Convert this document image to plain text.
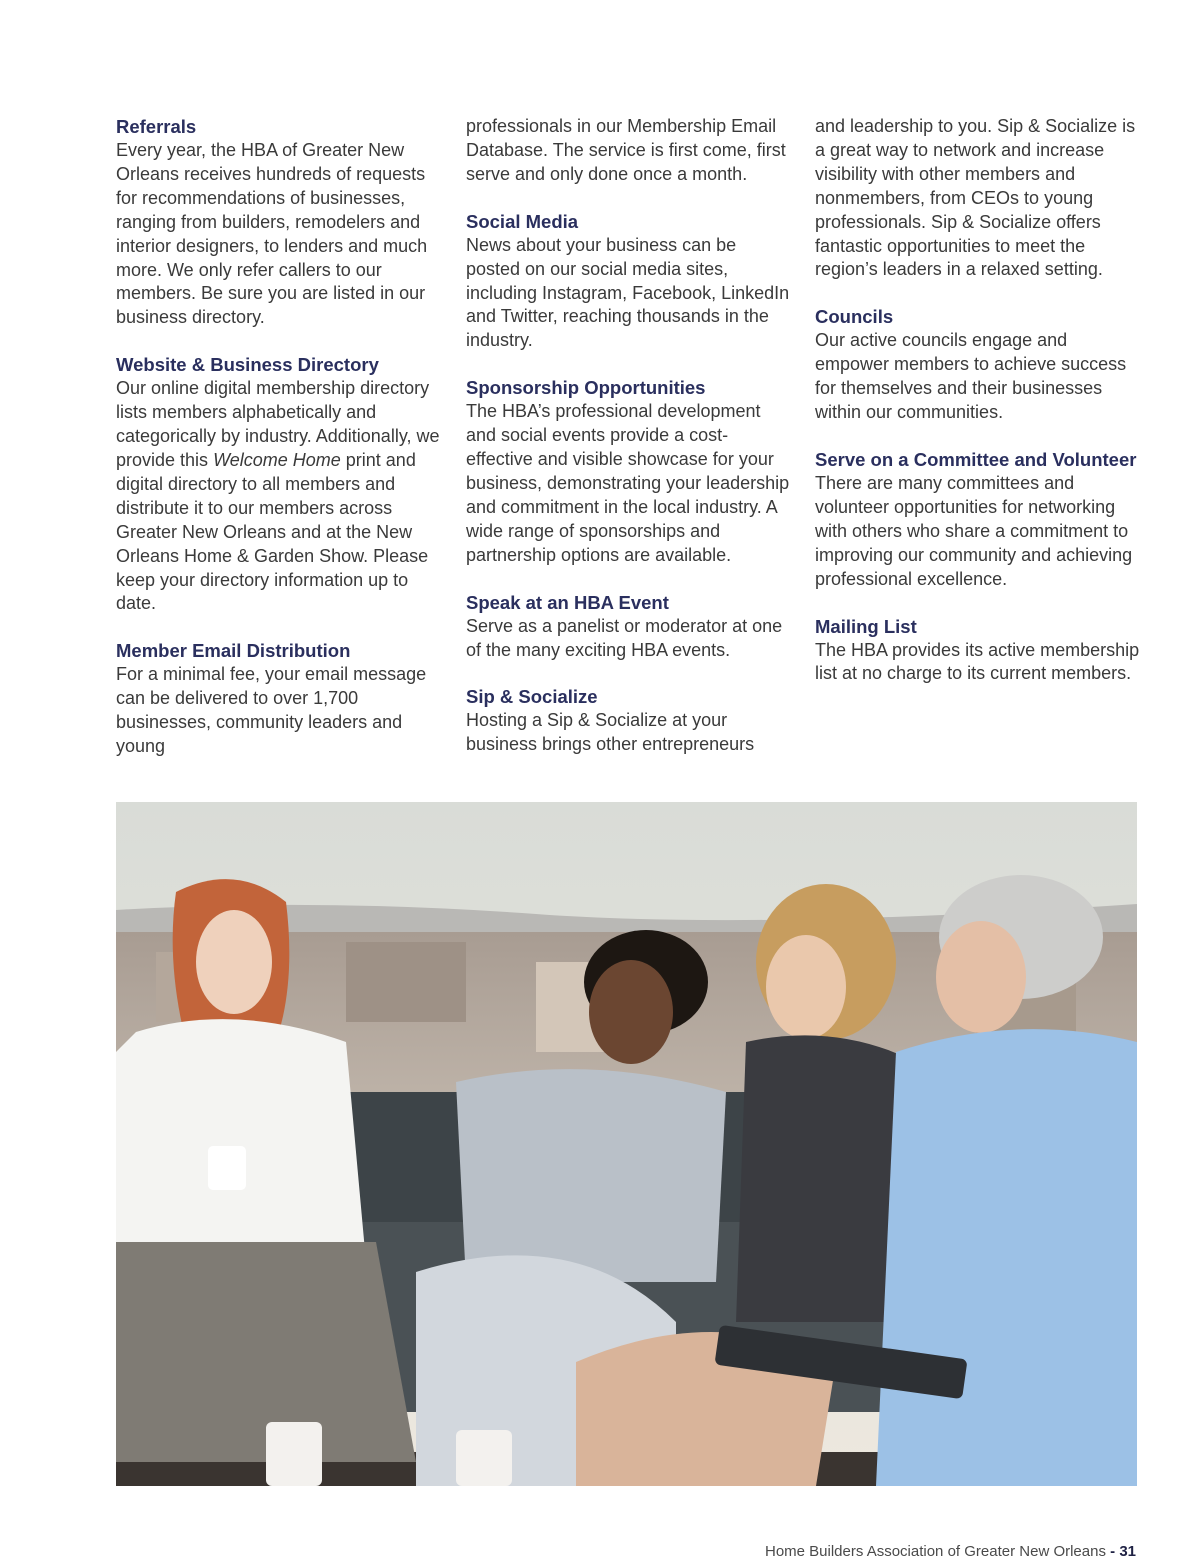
Referrals

Every year, the HBA of Greater New Orleans receives hundreds of requests for recommendations of businesses, ranging from builders, remodelers and interior designers, to lenders and much more. We only refer callers to our members. Be sure you are listed in our business directory.

Website & Business Directory

Our online digital membership directory lists members alphabetically and categorically by industry. Additionally, we provide this Welcome Home print and digital directory to all members and distribute it to our members across Greater New Orleans and at the New Orleans Home & Garden Show. Please keep your directory information up to date.

Member Email Distribution

For a minimal fee, your email message can be delivered to over 1,700 businesses, community leaders and young

professionals in our Membership Email Database. The service is first come, first serve and only done once a month.

Social Media

News about your business can be posted on our social media sites, including Instagram, Facebook, LinkedIn and Twitter, reaching thousands in the industry.

Sponsorship Opportunities

The HBA’s professional development and social events provide a cost-effective and visible showcase for your business, demonstrating your leadership and commitment in the local industry. A wide range of sponsorships and partnership options are available.

Speak at an HBA Event

Serve as a panelist or moderator at one of the many exciting HBA events.

Sip & Socialize

Hosting a Sip & Socialize at your business brings other entrepreneurs

and leadership to you. Sip & Socialize is a great way to network and increase visibility with other members and nonmembers, from CEOs to young professionals. Sip & Socialize offers fantastic opportunities to meet the region’s leaders in a relaxed setting.

Councils

Our active councils engage and empower members to achieve success for themselves and their businesses within our communities.

Serve on a Committee and Volunteer

There are many committees and volunteer opportunities for networking with others who share a commitment to improving our community and achieving professional excellence.

Mailing List

The HBA provides its active membership list at no charge to its current members.

Home Builders Association of Greater New Orleans - 31
